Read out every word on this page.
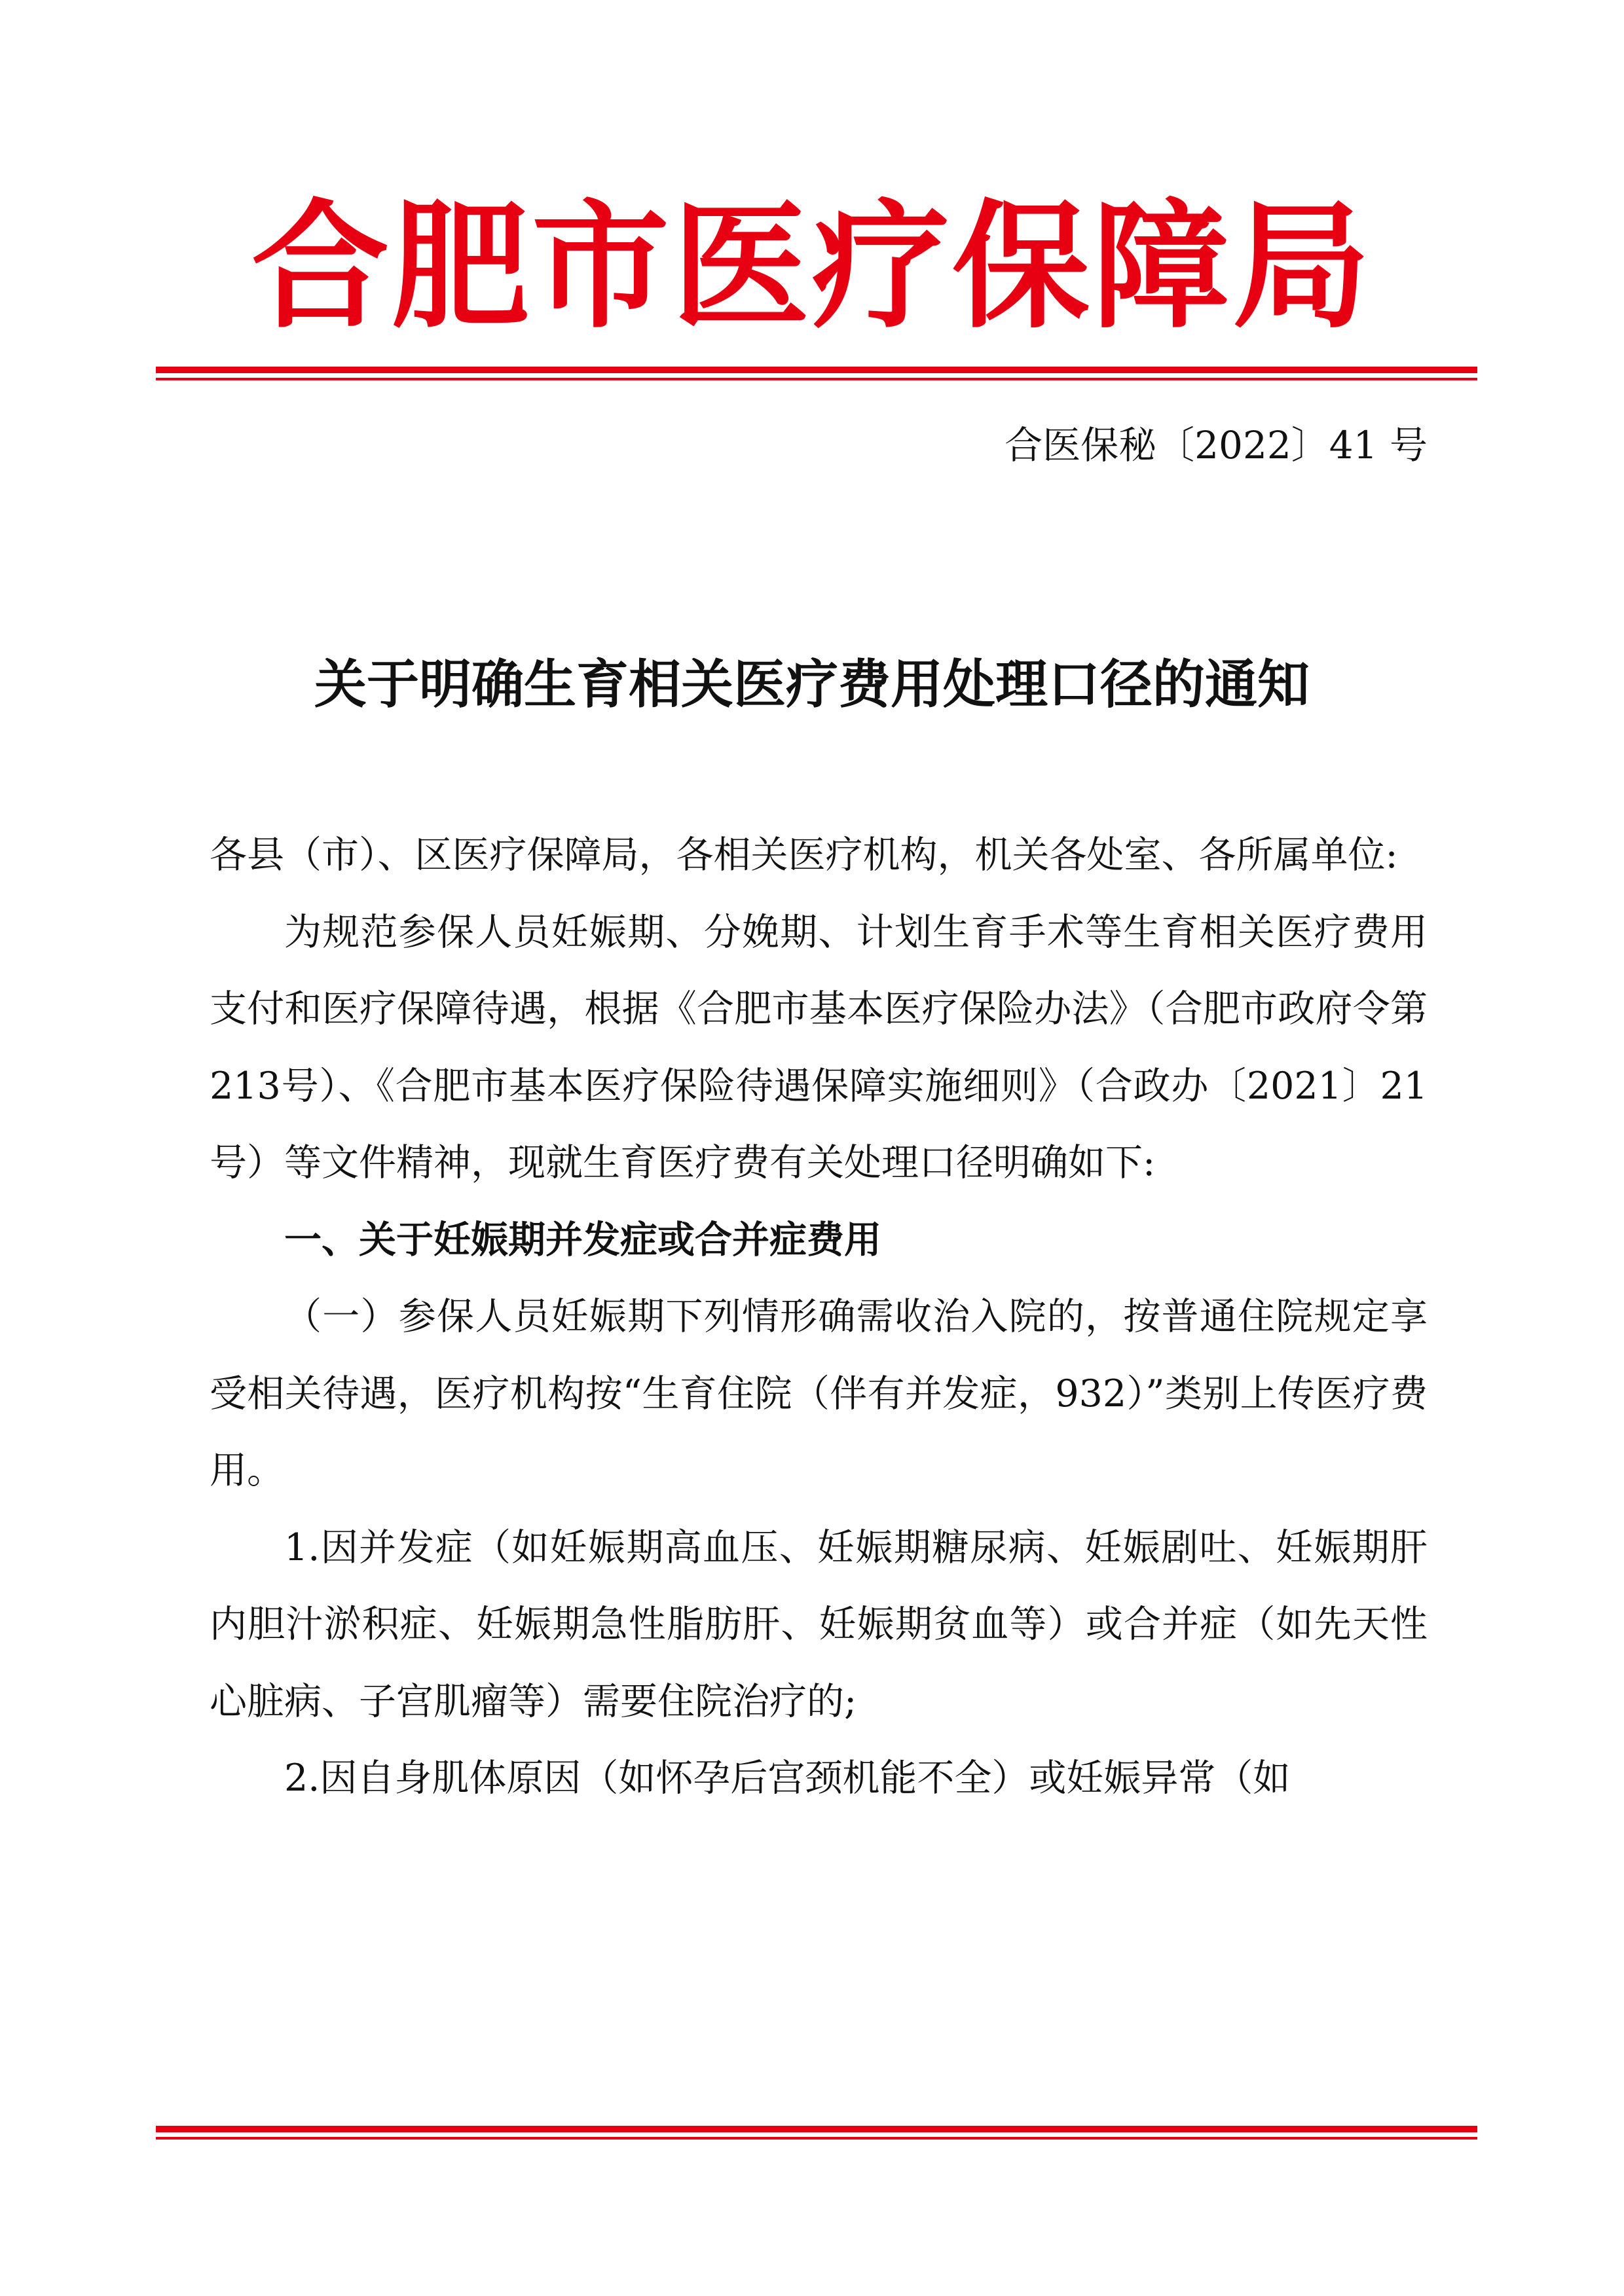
合肥市医疗保障局
合医保秘〔2022〕41 号
关于明确生育相关医疗费用处理口径的通知

各县（市）、区医疗保障局，各相关医疗机构，机关各处室、各所属单位:

为规范参保人员妊娠期、分娩期、计划生育手术等生育相关医疗费用支付和医疗保障待遇，根据《合肥市基本医疗保险办法》（合肥市政府令第213号）、《合肥市基本医疗保险待遇保障实施细则》（合政办〔2021〕21 号）等文件精神，现就生育医疗费有关处理口径明确如下:

一、关于妊娠期并发症或合并症费用

（一）参保人员妊娠期下列情形确需收治入院的，按普通住院规定享受相关待遇，医疗机构按“生育住院（伴有并发症，932）”类别上传医疗费用。

1.因并发症（如妊娠期高血压、妊娠期糖尿病、妊娠剧吐、妊娠期肝内胆汁淤积症、妊娠期急性脂肪肝、妊娠期贫血等）或合并症（如先天性心脏病、子宫肌瘤等）需要住院治疗的;

2.因自身肌体原因（如怀孕后宫颈机能不全）或妊娠异常（如
